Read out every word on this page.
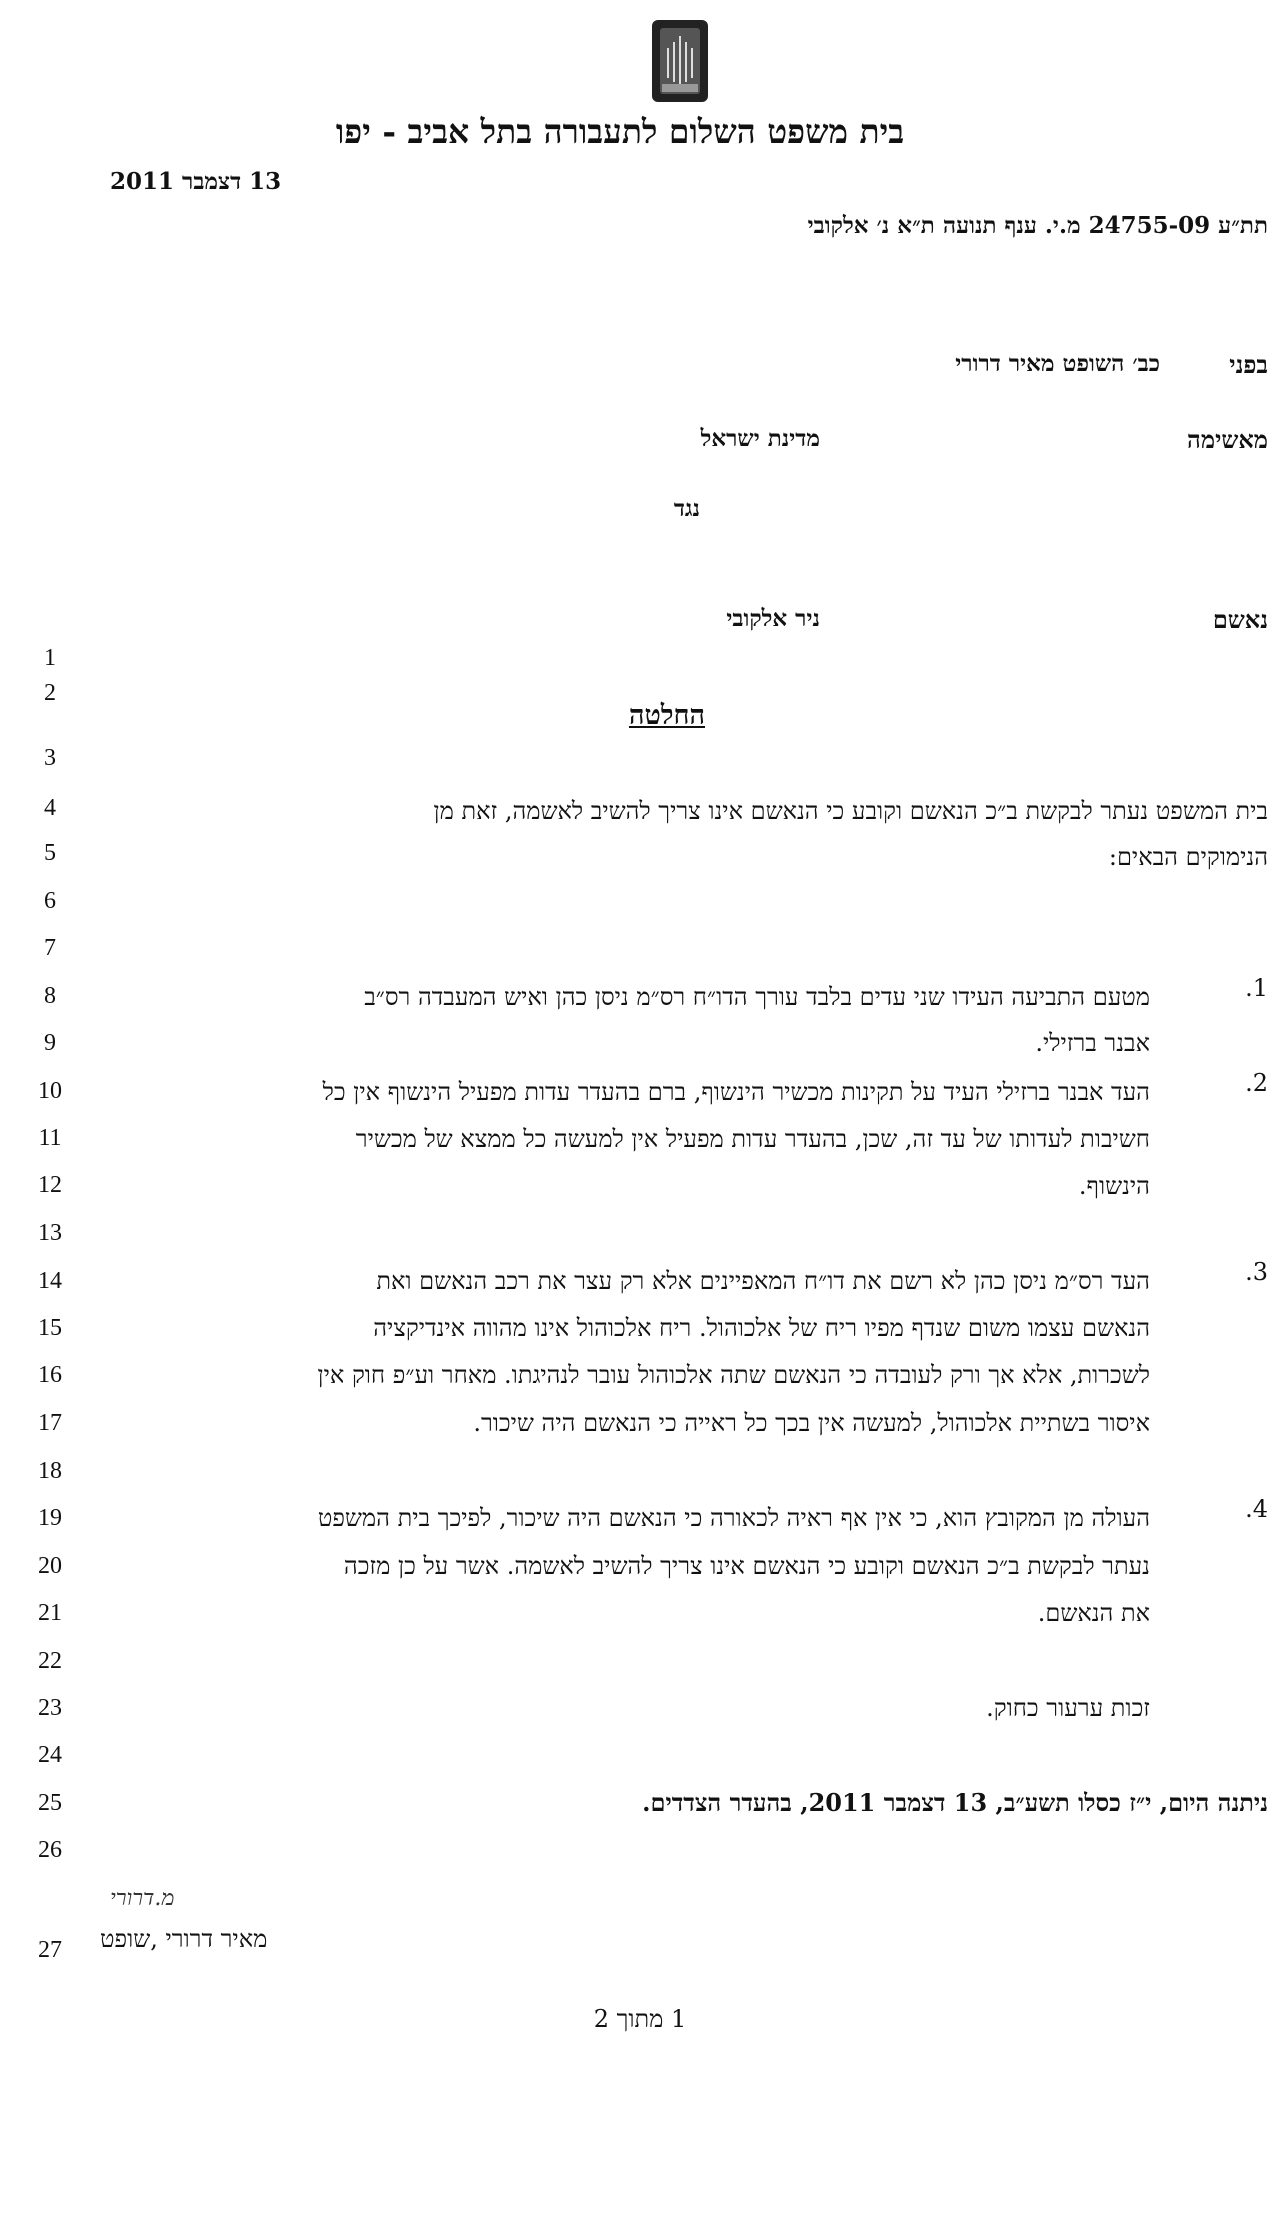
בית משפט השלום לתעבורה בתל אביב - יפו
13 דצמבר 2011
תת״ע 24755-09 מ.י. ענף תנועה ת״א נ׳ אלקובי
בפני
כב׳ השופט מאיר דרורי
מאשימה
מדינת ישראל
נגד
נאשם
ניר אלקובי
החלטה
1
2
3
4
5
6
7
8
9
10
11
12
13
14
15
16
17
18
19
20
21
22
23
24
25
26
27
בית המשפט נעתר לבקשת ב״כ הנאשם וקובע כי הנאשם אינו צריך להשיב לאשמה, זאת מן
הנימוקים הבאים:
1.
מטעם התביעה העידו שני עדים בלבד עורך הדו״ח רס״מ ניסן כהן ואיש המעבדה רס״ב
אבנר ברזילי.
2.
העד אבנר ברזילי העיד על תקינות מכשיר הינשוף, ברם בהעדר עדות מפעיל הינשוף אין כל
חשיבות לעדותו של עד זה, שכן, בהעדר עדות מפעיל אין למעשה כל ממצא של מכשיר
הינשוף.
3.
העד רס״מ ניסן כהן לא רשם את דו״ח המאפיינים אלא רק עצר את רכב הנאשם ואת
הנאשם עצמו משום שנדף מפיו ריח של אלכוהול. ריח אלכוהול אינו מהווה אינדיקציה
לשכרות, אלא אך ורק לעובדה כי הנאשם שתה אלכוהול עובר לנהיגתו. מאחר וע״פ חוק אין
איסור בשתיית אלכוהול, למעשה אין בכך כל ראייה כי הנאשם היה שיכור.
4.
העולה מן המקובץ הוא, כי אין אף ראיה לכאורה כי הנאשם היה שיכור, לפיכך בית המשפט
נעתר לבקשת ב״כ הנאשם וקובע כי הנאשם אינו צריך להשיב לאשמה. אשר על כן מזכה
את הנאשם.
זכות ערעור כחוק.
ניתנה היום, י״ז כסלו תשע״ב, 13 דצמבר 2011, בהעדר הצדדים.
מ.דרורי
מאיר דרורי ,שופט
1 מתוך 2
